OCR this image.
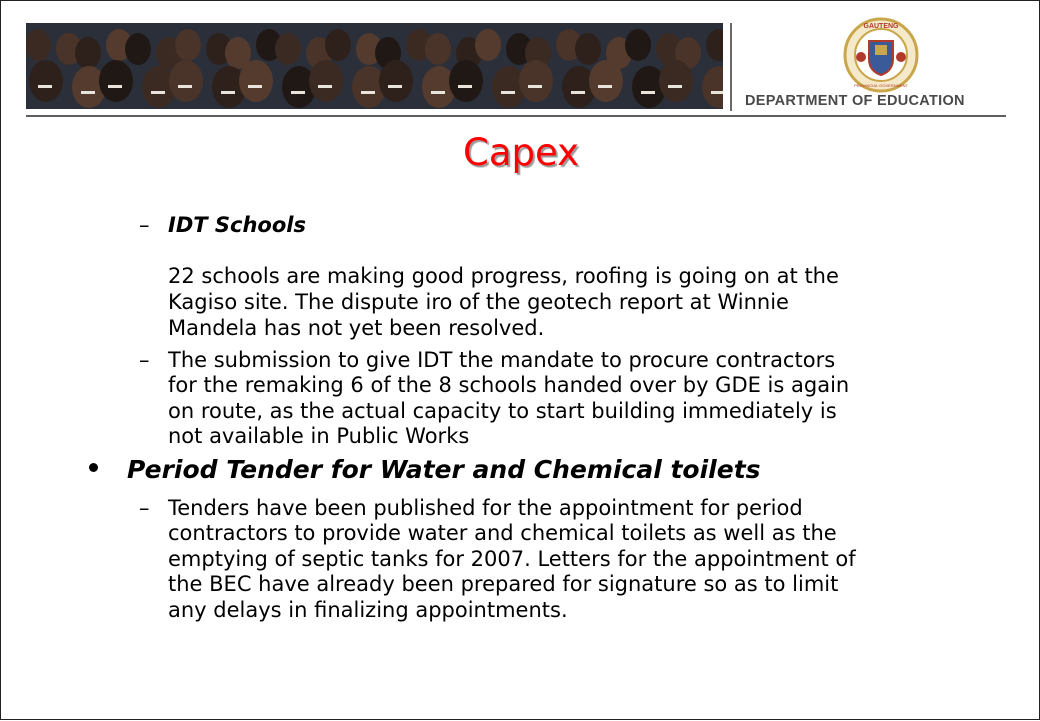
GAUTENG
PROVINCIAL GOVERNMENT
DEPARTMENT OF EDUCATION
Capex
– IDT Schools
22 schools are making good progress, roofing is going on at the
Kagiso site. The dispute iro of the geotech report at Winnie
Mandela has not yet been resolved.
– The submission to give IDT the mandate to procure contractors
for the remaking 6 of the 8 schools handed over by GDE is again
on route, as the actual capacity to start building immediately is
not available in Public Works
Period Tender for Water and Chemical toilets
– Tenders have been published for the appointment for period
contractors to provide water and chemical toilets as well as the
emptying of septic tanks for 2007. Letters for the appointment of
the BEC have already been prepared for signature so as to limit
any delays in finalizing appointments.
